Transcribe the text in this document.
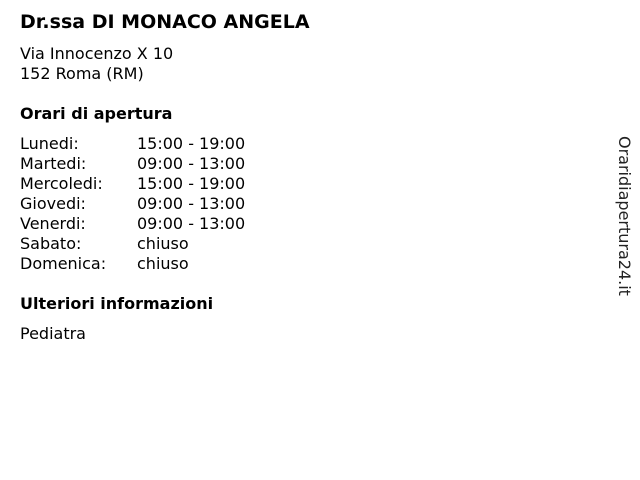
Dr.ssa DI MONACO ANGELA
Via Innocenzo X 10
152 Roma (RM)
Orari di apertura
Lunedi:	15:00 - 19:00
Martedi:	09:00 - 13:00
Mercoledi:	15:00 - 19:00
Giovedi:	09:00 - 13:00
Venerdi:	09:00 - 13:00
Sabato:	chiuso
Domenica:	chiuso
Ulteriori informazioni
Pediatra
Oraridiapertura24.it
